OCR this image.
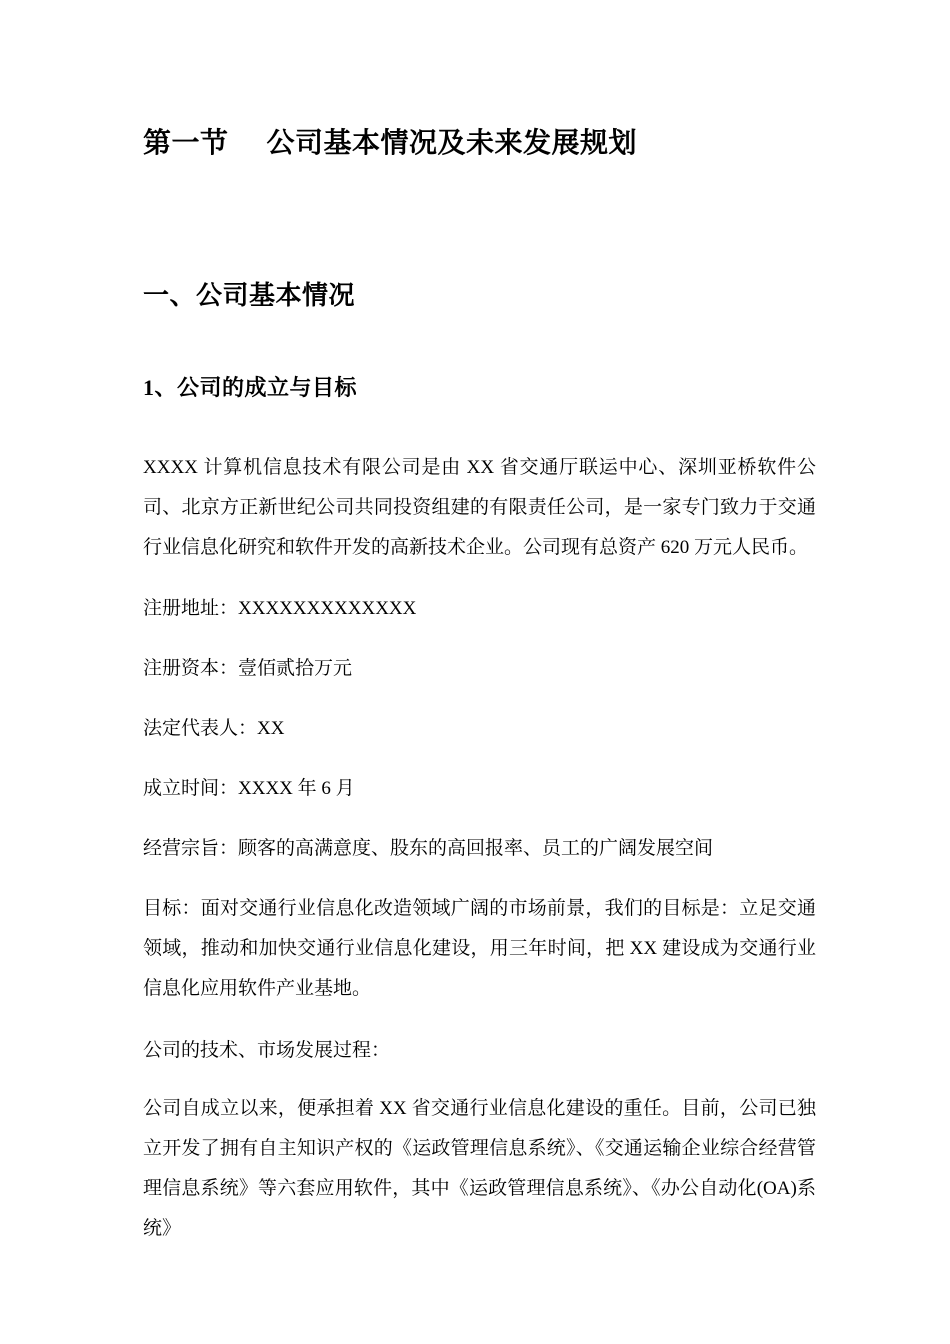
第一节 公司基本情况及未来发展规划
一、公司基本情况
1、公司的成立与目标

XXXX 计算机信息技术有限公司是由 XX 省交通厅联运中心、深圳亚桥软件公司、北京方正新世纪公司共同投资组建的有限责任公司，是一家专门致力于交通行业信息化研究和软件开发的高新技术企业。公司现有总资产 620 万元人民币。

注册地址：XXXXXXXXXXXXX

注册资本：壹佰贰拾万元

法定代表人：XX

成立时间：XXXX 年 6 月

经营宗旨：顾客的高满意度、股东的高回报率、员工的广阔发展空间

目标：面对交通行业信息化改造领域广阔的市场前景，我们的目标是：立足交通领域，推动和加快交通行业信息化建设，用三年时间，把 XX 建设成为交通行业信息化应用软件产业基地。

公司的技术、市场发展过程：

公司自成立以来，便承担着 XX 省交通行业信息化建设的重任。目前，公司已独立开发了拥有自主知识产权的《运政管理信息系统》、《交通运输企业综合经营管理信息系统》等六套应用软件，其中《运政管理信息系统》、《办公自动化(OA)系统》
